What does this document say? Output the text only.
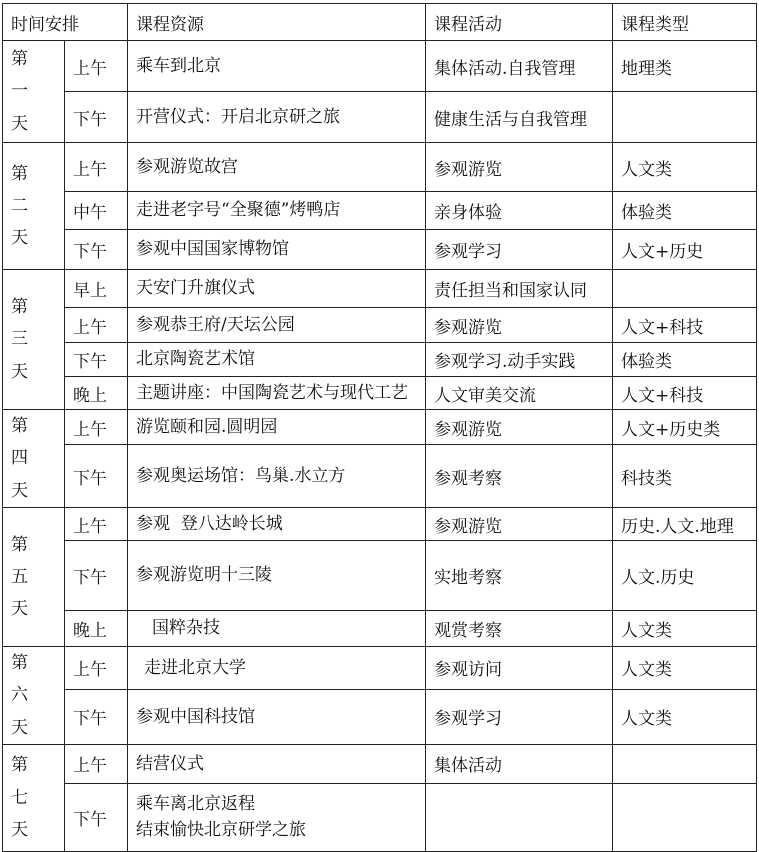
时间安排		课程资源	课程活动	课程类型

第
一
天	上午	乘车到北京	集体活动.自我管理	地理类
	下午	开营仪式：开启北京研之旅	健康生活与自我管理	

第
二
天	上午	参观游览故宫	参观游览	人文类
	中午	走进老字号“全聚德”烤鸭店	亲身体验	体验类
	下午	参观中国国家博物馆	参观学习	人文+历史

第
三
天	早上	天安门升旗仪式	责任担当和国家认同	
	上午	参观恭王府/天坛公园	参观游览	人文+科技
	下午	北京陶瓷艺术馆	参观学习.动手实践	体验类
	晚上	主题讲座：中国陶瓷艺术与现代工艺	人文审美交流	人文+科技

第
四
天	上午	游览颐和园.圆明园	参观游览	人文+历史类
	下午	参观奥运场馆：鸟巢.水立方	参观考察	科技类

第
五
天	上午	参观  登八达岭长城	参观游览	历史.人文.地理
	下午	参观游览明十三陵	实地考察	人文.历史
	晚上	国粹杂技	观赏考察	人文类

第
六
天	上午	走进北京大学	参观访问	人文类
	下午	参观中国科技馆	参观学习	人文类

第
七
天	上午	结营仪式	集体活动	
	下午	乘车离北京返程
结束愉快北京研学之旅		
